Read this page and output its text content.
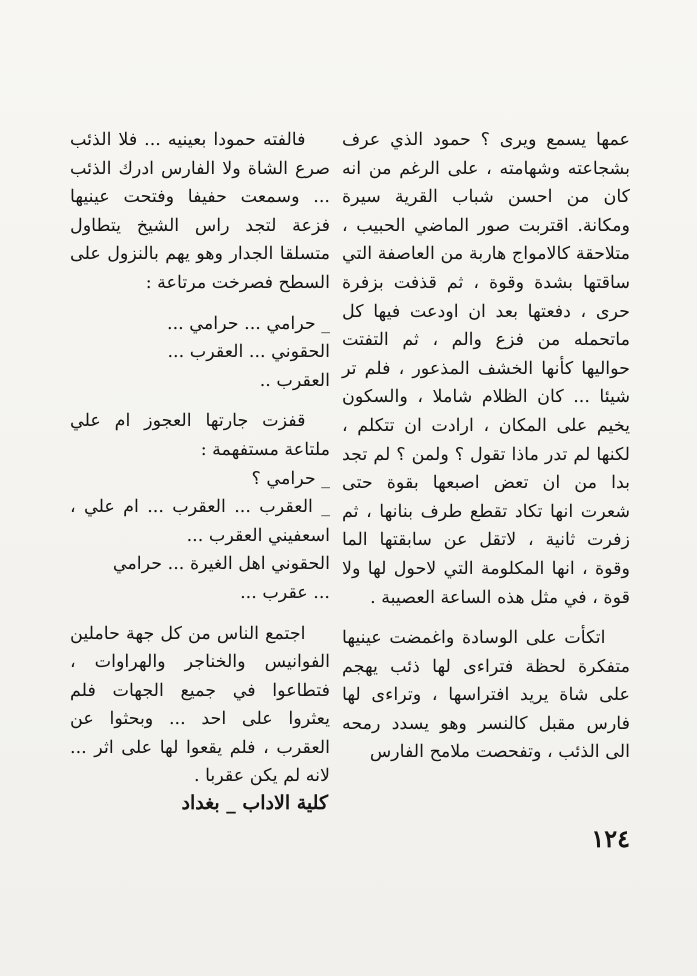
عمها يسمع ويرى ؟ حمود الذي عرف بشجاعته وشهامته ، على الرغم من انه كان من احسن شباب القرية سيرة ومكانة. اقتربت صور الماضي الحبيب ، متلاحقة كالامواج هاربة من العاصفة التي ساقتها بشدة وقوة ، ثم قذفت بزفرة حرى ، دفعتها بعد ان اودعت فيها كل ماتحمله من فزع والم ، ثم التفتت حواليها كأنها الخشف المذعور ، فلم تر شيئا ... كان الظلام شاملا ، والسكون يخيم على المكان ، ارادت ان تتكلم ، لكنها لم تدر ماذا تقول ؟ ولمن ؟ لم تجد بدا من ان تعض اصبعها بقوة حتى شعرت انها تكاد تقطع طرف بنانها ، ثم زفرت ثانية ، لاتقل عن سابقتها الما وقوة ، انها المكلومة التي لاحول لها ولا قوة ، في مثل هذه الساعة العصيبة .

اتكأت على الوسادة واغمضت عينيها متفكرة لحظة فتراءى لها ذئب يهجم على شاة يريد افتراسها ، وتراءى لها فارس مقبل كالنسر وهو يسدد رمحه الى الذئب ، وتفحصت ملامح الفارس

فالفته حمودا بعينيه ... فلا الذئب صرع الشاة ولا الفارس ادرك الذئب ... وسمعت حفيفا وفتحت عينيها فزعة لتجد راس الشيخ يتطاول متسلقا الجدار وهو يهم بالنزول على السطح فصرخت مرتاعة :

_ حرامي ... حرامي ...
الحقوني ... العقرب ...
العقرب ..

قفزت جارتها العجوز ام علي ملتاعة مستفهمة :

_ حرامي ؟
_ العقرب ... العقرب ... ام علي ، اسعفيني العقرب ...
الحقوني اهل الغيرة ... حرامي
... عقرب ...

اجتمع الناس من كل جهة حاملين الفوانيس والخناجر والهراوات ، فتطاعوا في جميع الجهات فلم يعثروا على احد ... وبحثوا عن العقرب ، فلم يقعوا لها على اثر ... لانه لم يكن عقربا .

كلية الاداب _ بغداد
١٢٤
